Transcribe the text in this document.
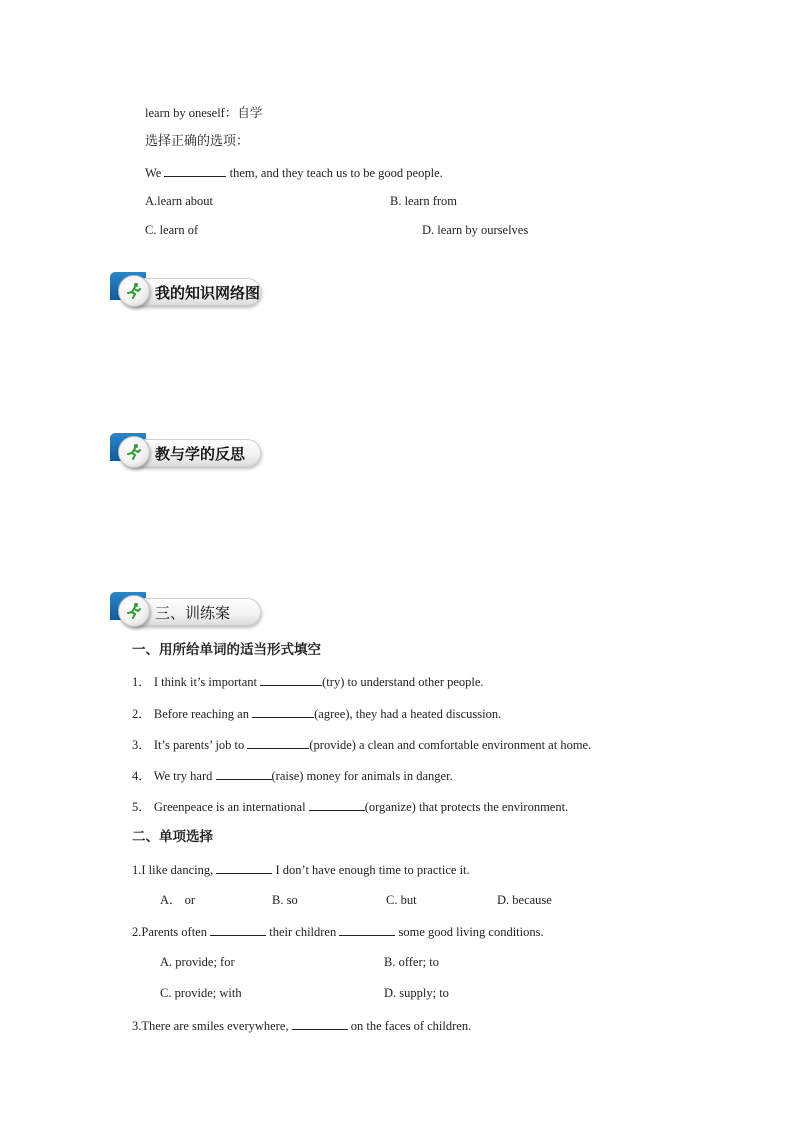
learn by oneself：自学
选择正确的选项：
We	them, and they teach us to be good people.
A.learn about	B. learn from
C. learn of	D. learn by ourselves
我的知识网络图
教与学的反思
三、训练案
一、用所给单词的适当形式填空
1． I think it’s important	(try) to understand other people.
2． Before reaching an	(agree), they had a heated discussion.
3． It’s parents’ job to	(provide) a clean and comfortable environment at home.
4． We try hard	(raise) money for animals in danger.
5． Greenpeace is an international	(organize) that protects the environment.
二、单项选择
1.I like dancing,	I don’t have enough time to practice it.
A． or	B. so	C. but	D. because
2.Parents often	their children	some good living conditions.
A. provide; for	B. offer; to
C. provide; with	D. supply; to
3.There are smiles everywhere,	on the faces of children.
